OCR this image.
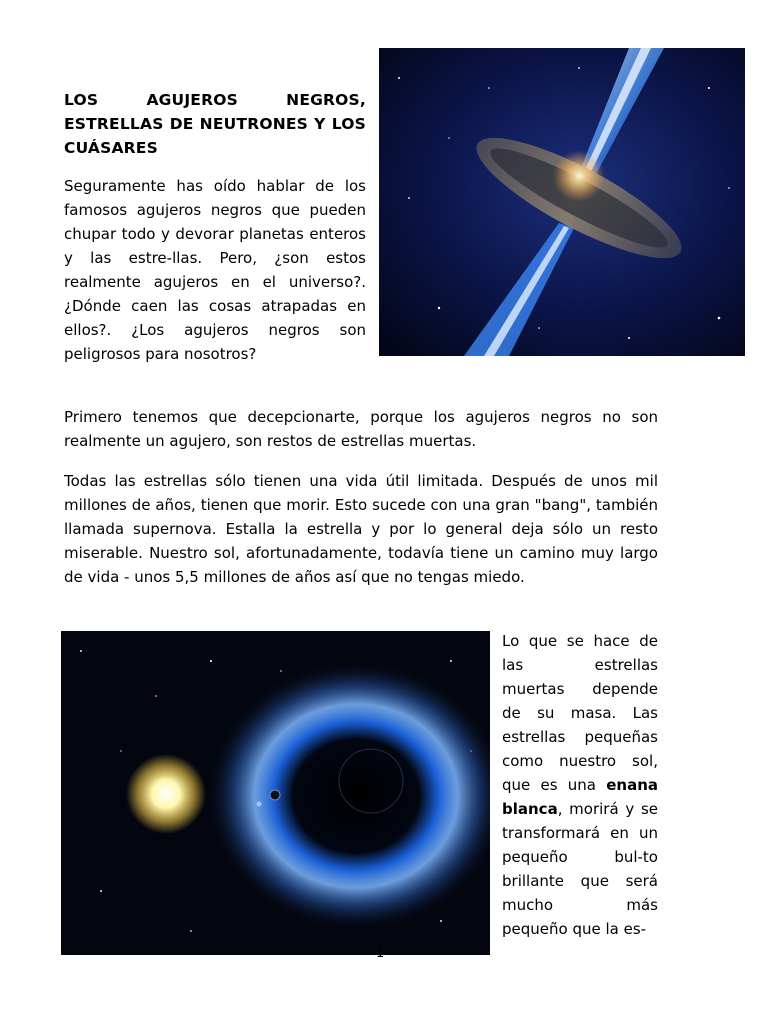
LOS AGUJEROS NEGROS, ESTRELLAS DE NEUTRONES Y LOS CUÁSARES

Seguramente has oído hablar de los famosos agujeros negros que pueden chupar todo y devorar planetas enteros y las estre-llas. Pero, ¿son estos realmente agujeros en el universo?.¿Dónde caen las cosas atrapadas en ellos?. ¿Los agujeros negros son peligrosos para nosotros?

Primero tenemos que decepcionarte, porque los agujeros negros no son realmente un agujero, son restos de estrellas muertas.

Todas las estrellas sólo tienen una vida útil limitada. Después de unos mil millones de años, tienen que morir. Esto sucede con una gran "bang", también llamada supernova. Estalla la estrella y por lo general deja sólo un resto miserable. Nuestro sol, afortunadamente, todavía tiene un camino muy largo de vida - unos 5,5 millones de años así que no tengas miedo.

Lo que se hace de las estrellas muertas depende de su masa. Las estrellas pequeñas como nuestro sol, que es una enana blanca, morirá y se transformará en un pequeño bul-to brillante que será mucho más pequeño que la es-

1
